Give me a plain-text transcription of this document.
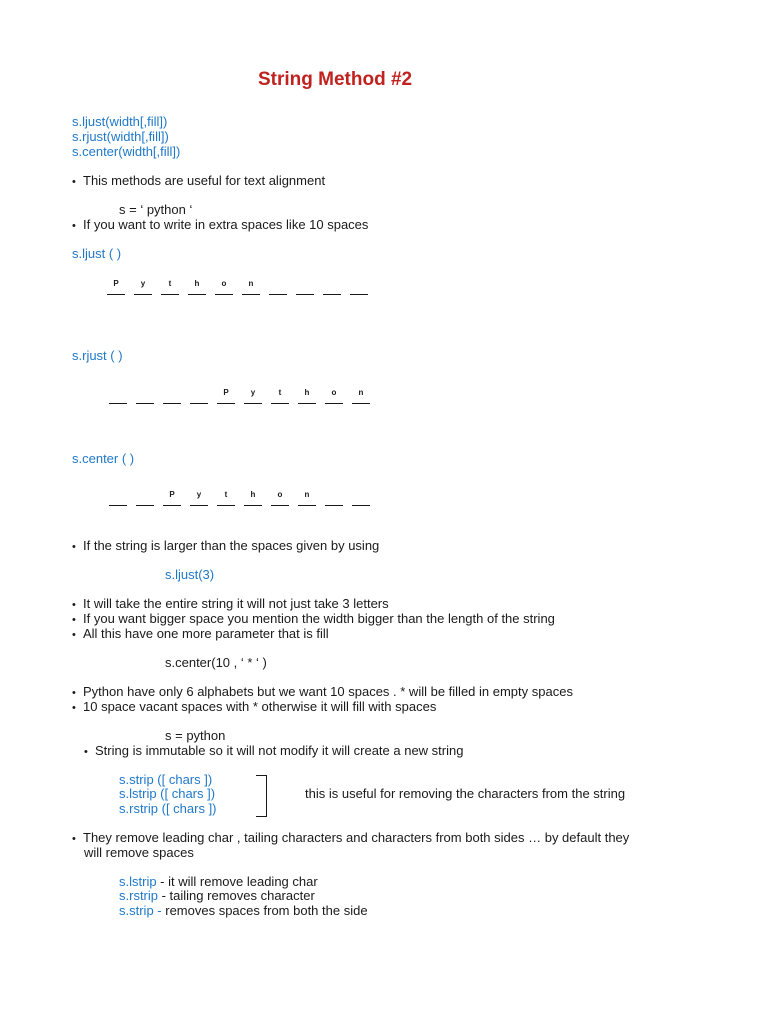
String Method #2
s.ljust(width[,fill])
s.rjust(width[,fill])
s.center(width[,fill])
• This methods are useful for text alignment
s = ‘ python ‘
• If you want to write in extra spaces like 10 spaces
s.ljust ( )
P	y	t	h	o	n
s.rjust ( )
P	y	t	h	o	n
s.center ( )
P	y	t	h	o	n
• If the string is larger than the spaces given by using
s.ljust(3)
• It will take the entire string it will not just take 3 letters
• If you want bigger space you mention the width bigger than the length of the string
• All this have one more parameter that is fill
s.center(10 , ‘ * ‘ )
• Python have only 6 alphabets but we want 10 spaces . * will be filled in empty spaces
• 10 space vacant spaces with * otherwise it will fill with spaces
s = python
• String is immutable so it will not modify it will create a new string
s.strip ([ chars ])
s.lstrip ([ chars ])
s.rstrip ([ chars ])
this is useful for removing the characters from the string
• They remove leading char , tailing characters and characters from both sides … by default they
will remove spaces
s.lstrip - it will remove leading char
s.rstrip - tailing removes character
s.strip - removes spaces from both the side
